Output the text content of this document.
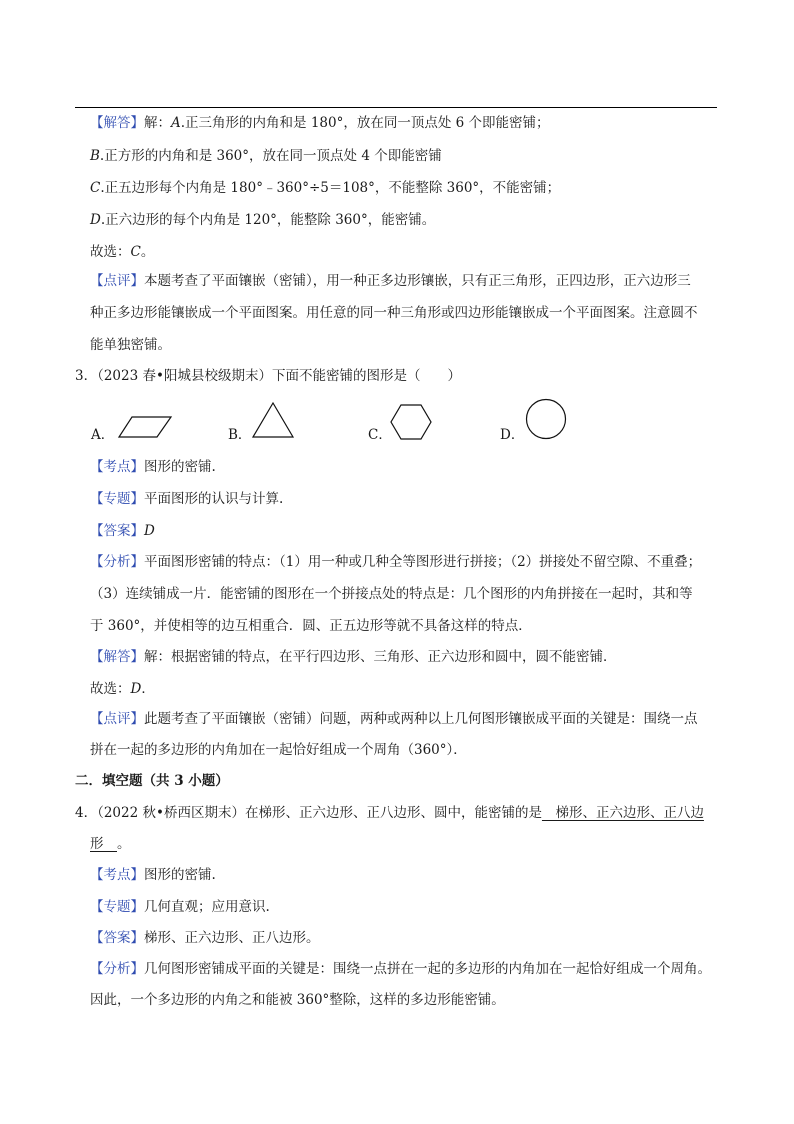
【解答】解：A.正三角形的内角和是 180°，放在同一顶点处 6 个即能密铺；
B.正方形的内角和是 360°，放在同一顶点处 4 个即能密铺
C.正五边形每个内角是 180°﹣360°÷5＝108°，不能整除 360°，不能密铺；
D.正六边形的每个内角是 120°，能整除 360°，能密铺。
故选：C。
【点评】本题考查了平面镶嵌（密铺），用一种正多边形镶嵌，只有正三角形，正四边形，正六边形三
种正多边形能镶嵌成一个平面图案。用任意的同一种三角形或四边形能镶嵌成一个平面图案。注意圆不
能单独密铺。
3．（2023 春•阳城县校级期末）下面不能密铺的图形是（　　）
A．	B．	C．	D．
【考点】图形的密铺.
【专题】平面图形的认识与计算.
【答案】D
【分析】平面图形密铺的特点：（1）用一种或几种全等图形进行拼接；（2）拼接处不留空隙、不重叠；
（3）连续铺成一片．能密铺的图形在一个拼接点处的特点是：几个图形的内角拼接在一起时，其和等
于 360°，并使相等的边互相重合．圆、正五边形等就不具备这样的特点．
【解答】解：根据密铺的特点，在平行四边形、三角形、正六边形和圆中，圆不能密铺．
故选：D．
【点评】此题考查了平面镶嵌（密铺）问题，两种或两种以上几何图形镶嵌成平面的关键是：围绕一点
拼在一起的多边形的内角加在一起恰好组成一个周角（360°）．
二．填空题（共 3 小题）
4．（2022 秋•桥西区期末）在梯形、正六边形、正八边形、圆中，能密铺的是　梯形、正六边形、正八边
形　。
【考点】图形的密铺.
【专题】几何直观；应用意识.
【答案】梯形、正六边形、正八边形。
【分析】几何图形密铺成平面的关键是：围绕一点拼在一起的多边形的内角加在一起恰好组成一个周角。
因此，一个多边形的内角之和能被 360°整除，这样的多边形能密铺。
